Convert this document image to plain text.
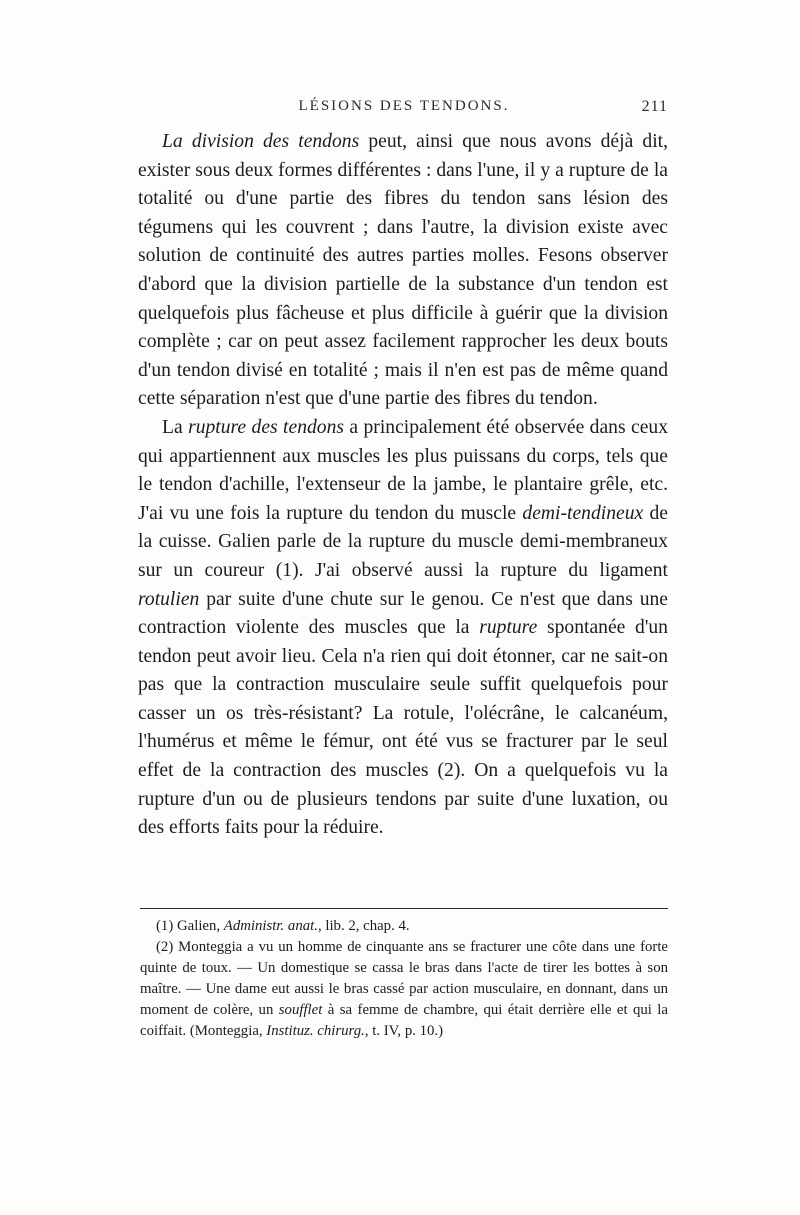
LÉSIONS DES TENDONS.	211

La division des tendons peut, ainsi que nous avons déjà dit, exister sous deux formes différentes : dans l'une, il y a rupture de la totalité ou d'une partie des fibres du tendon sans lésion des tégumens qui les couvrent ; dans l'autre, la division existe avec solution de continuité des autres parties molles. Fesons observer d'abord que la division partielle de la substance d'un tendon est quelquefois plus fâcheuse et plus difficile à guérir que la division complète ; car on peut assez facilement rapprocher les deux bouts d'un tendon divisé en totalité ; mais il n'en est pas de même quand cette séparation n'est que d'une partie des fibres du tendon.

La rupture des tendons a principalement été observée dans ceux qui appartiennent aux muscles les plus puissans du corps, tels que le tendon d'achille, l'extenseur de la jambe, le plantaire grêle, etc. J'ai vu une fois la rupture du tendon du muscle demi-tendineux de la cuisse. Galien parle de la rupture du muscle demi-membraneux sur un coureur (1). J'ai observé aussi la rupture du ligament rotulien par suite d'une chute sur le genou. Ce n'est que dans une contraction violente des muscles que la rupture spontanée d'un tendon peut avoir lieu. Cela n'a rien qui doit étonner, car ne sait-on pas que la contraction musculaire seule suffit quelquefois pour casser un os très-résistant? La rotule, l'olécrâne, le calcanéum, l'humérus et même le fémur, ont été vus se fracturer par le seul effet de la contraction des muscles (2). On a quelquefois vu la rupture d'un ou de plusieurs tendons par suite d'une luxation, ou des efforts faits pour la réduire.

(1) Galien, Administr. anat., lib. 2, chap. 4.

(2) Monteggia a vu un homme de cinquante ans se fracturer une côte dans une forte quinte de toux. — Un domestique se cassa le bras dans l'acte de tirer les bottes à son maître. — Une dame eut aussi le bras cassé par action musculaire, en donnant, dans un moment de colère, un soufflet à sa femme de chambre, qui était derrière elle et qui la coiffait. (Monteggia, Instituz. chirurg., t. IV, p. 10.)
